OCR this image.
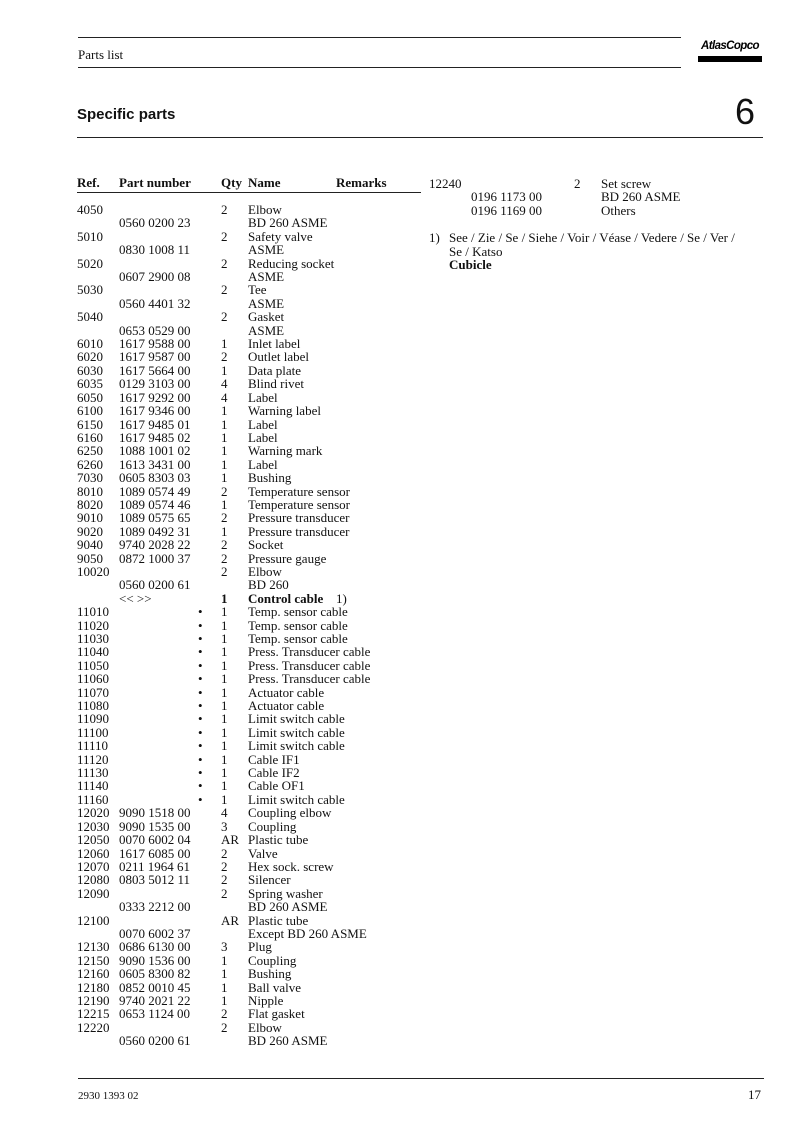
Parts list
AtlasCopco
Specific parts	6
Ref. Part number Qty Name	Remarks
4050	2 Elbow
0560 0200 23	BD 260 ASME
5010	2 Safety valve
0830 1008 11	ASME
5020	2 Reducing socket
0607 2900 08	ASME
5030	2 Tee
0560 4401 32	ASME
5040	2 Gasket
0653 0529 00	ASME
6010 1617 9588 00 1 Inlet label
6020 1617 9587 00 2 Outlet label
6030 1617 5664 00 1 Data plate
6035 0129 3103 00 4 Blind rivet
6050 1617 9292 00 4 Label
6100 1617 9346 00 1 Warning label
6150 1617 9485 01 1 Label
6160 1617 9485 02 1 Label
6250 1088 1001 02 1 Warning mark
6260 1613 3431 00 1 Label
7030 0605 8303 03 1 Bushing
8010 1089 0574 49 2 Temperature sensor
8020 1089 0574 46 1 Temperature sensor
9010 1089 0575 65 2 Pressure transducer
9020 1089 0492 31 1 Pressure transducer
9040 9740 2028 22 2 Socket
9050 0872 1000 37 2 Pressure gauge
10020	2 Elbow
0560 0200 61	BD 260
<< >>	1 Control cable 1)
11010	• 1 Temp. sensor cable
11020	• 1 Temp. sensor cable
11030	• 1 Temp. sensor cable
11040	• 1 Press. Transducer cable
11050	• 1 Press. Transducer cable
11060	• 1 Press. Transducer cable
11070	• 1 Actuator cable
11080	• 1 Actuator cable
11090	• 1 Limit switch cable
11100	• 1 Limit switch cable
11110	• 1 Limit switch cable
11120	• 1 Cable IF1
11130	• 1 Cable IF2
11140	• 1 Cable OF1
11160	• 1 Limit switch cable
12020 9090 1518 00 4 Coupling elbow
12030 9090 1535 00 3 Coupling
12050 0070 6002 04 AR Plastic tube
12060 1617 6085 00 2 Valve
12070 0211 1964 61 2 Hex sock. screw
12080 0803 5012 11 2 Silencer
12090	2 Spring washer
0333 2212 00	BD 260 ASME
12100	AR Plastic tube
0070 6002 37	Except BD 260 ASME
12130 0686 6130 00 3 Plug
12150 9090 1536 00 1 Coupling
12160 0605 8300 82 1 Bushing
12180 0852 0010 45 1 Ball valve
12190 9740 2021 22 1 Nipple
12215 0653 1124 00 2 Flat gasket
12220	2 Elbow
0560 0200 61	BD 260 ASME
12240	2 Set screw
0196 1173 00	BD 260 ASME
0196 1169 00	Others
1) See / Zie / Se / Siehe / Voir / Véase / Vedere / Se / Ver /
Se / Katso
Cubicle
2930 1393 02	17
